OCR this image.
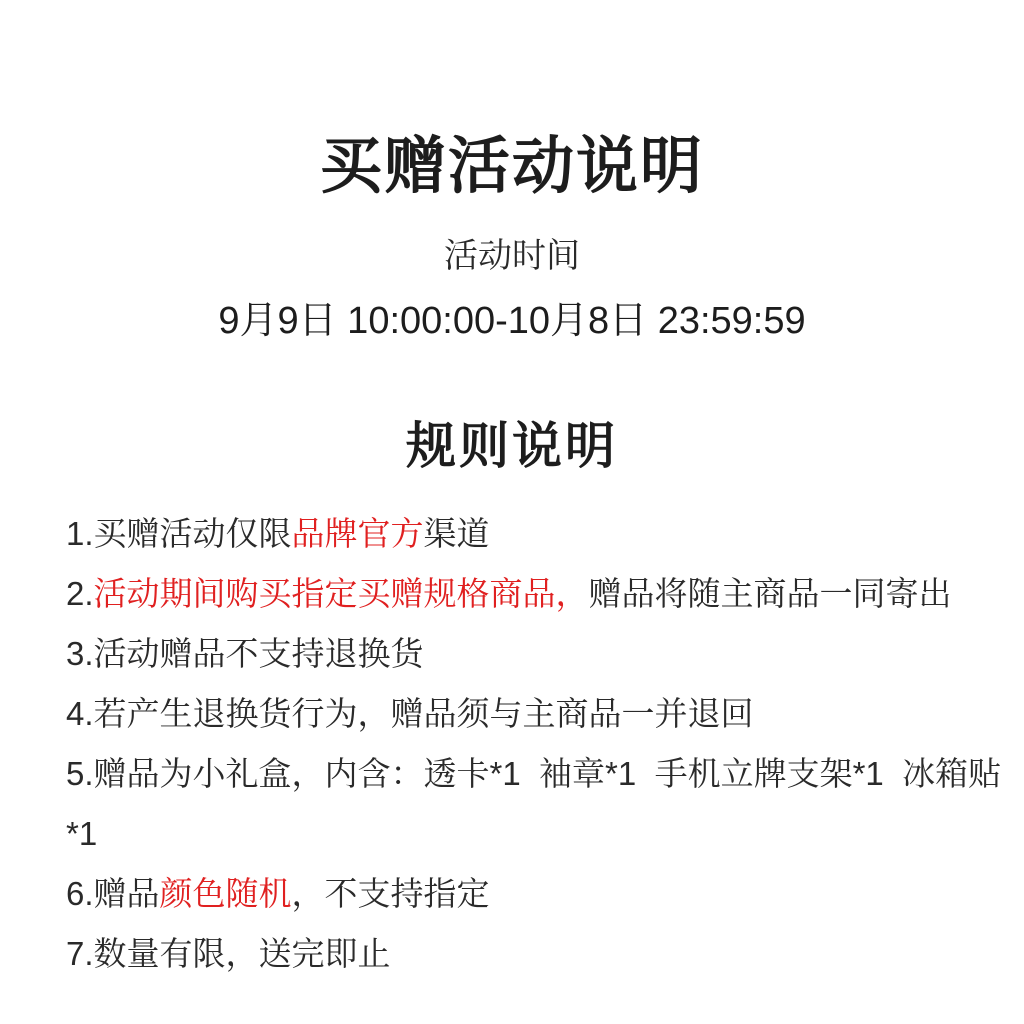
买赠活动说明
活动时间
9月9日 10:00:00-10月8日 23:59:59
规则说明
1.买赠活动仅限品牌官方渠道
2.活动期间购买指定买赠规格商品，赠品将随主商品一同寄出
3.活动赠品不支持退换货
4.若产生退换货行为，赠品须与主商品一并退回
5.赠品为小礼盒，内含：透卡*1  袖章*1  手机立牌支架*1  冰箱贴*1
6.赠品颜色随机，不支持指定
7.数量有限，送完即止
